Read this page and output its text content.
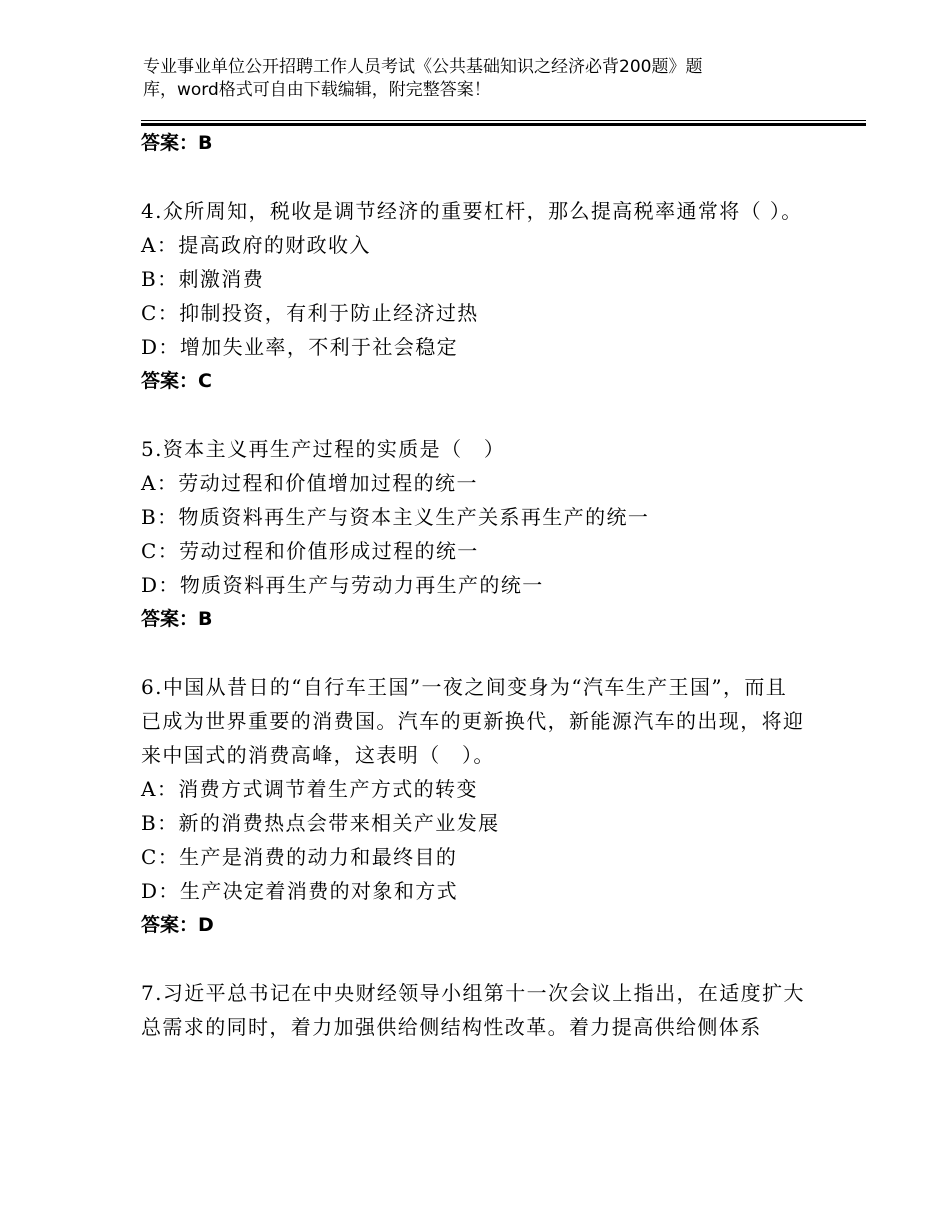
专业事业单位公开招聘工作人员考试《公共基础知识之经济必背200题》题
库，word格式可自由下载编辑，附完整答案！
答案：B
4.众所周知，税收是调节经济的重要杠杆，那么提高税率通常将（ ）。
A：提高政府的财政收入
B：刺激消费
C：抑制投资，有利于防止经济过热
D：增加失业率，不利于社会稳定
答案：C
5.资本主义再生产过程的实质是（　）
A：劳动过程和价值增加过程的统一
B：物质资料再生产与资本主义生产关系再生产的统一
C：劳动过程和价值形成过程的统一
D：物质资料再生产与劳动力再生产的统一
答案：B
6.中国从昔日的“自行车王国”一夜之间变身为“汽车生产王国”，而且已成为世界重要的消费国。汽车的更新换代，新能源汽车的出现，将迎来中国式的消费高峰，这表明（　）。
A：消费方式调节着生产方式的转变
B：新的消费热点会带来相关产业发展
C：生产是消费的动力和最终目的
D：生产决定着消费的对象和方式
答案：D
7.习近平总书记在中央财经领导小组第十一次会议上指出，在适度扩大总需求的同时，着力加强供给侧结构性改革。着力提高供给侧体系
